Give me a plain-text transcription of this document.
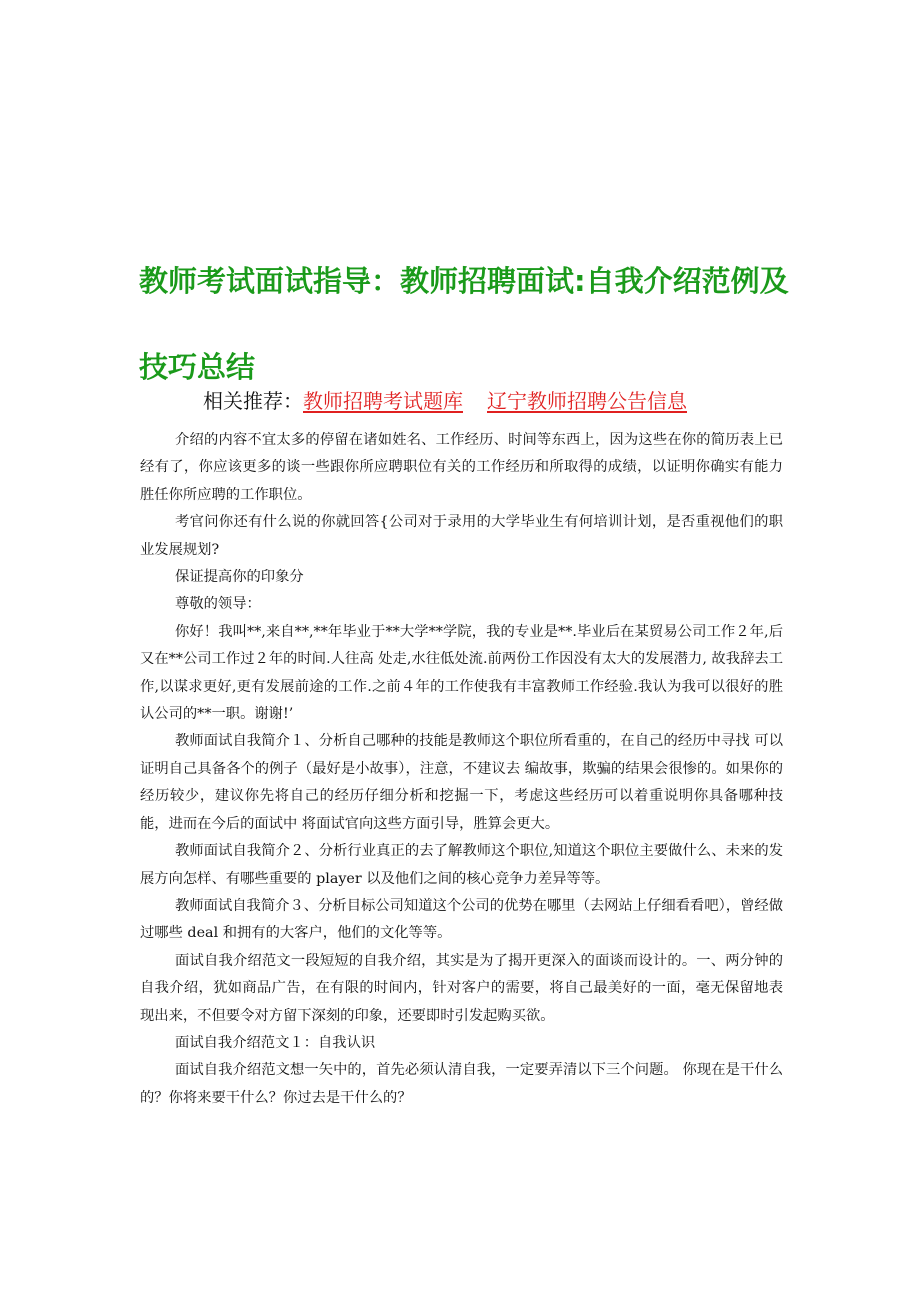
教师考试面试指导：教师招聘面试:自我介绍范例及技巧总结
相关推荐：教师招聘考试题库 辽宁教师招聘公告信息

介绍的内容不宜太多的停留在诸如姓名、工作经历、时间等东西上，因为这些在你的简历表上已经有了，你应该更多的谈一些跟你所应聘职位有关的工作经历和所取得的成绩，以证明你确实有能力胜任你所应聘的工作职位。

考官问你还有什么说的你就回答{公司对于录用的大学毕业生有何培训计划，是否重视他们的职业发展规划?

保证提高你的印象分

尊敬的领导：

你好！我叫**,来自**,**年毕业于**大学**学院，我的专业是**.毕业后在某贸易公司工作２年,后又在**公司工作过２年的时间.人往高 处走,水往低处流.前两份工作因没有太大的发展潜力, 故我辞去工作,以谋求更好,更有发展前途的工作.之前４年的工作使我有丰富教师工作经验.我认为我可以很好的胜认公司的**一职。谢谢!’

教师面试自我简介１、分析自己哪种的技能是教师这个职位所看重的，在自己的经历中寻找 可以证明自己具备各个的例子（最好是小故事），注意，不建议去 编故事，欺骗的结果会很惨的。如果你的经历较少，建议你先将自己的经历仔细分析和挖掘一下，考虑这些经历可以着重说明你具备哪种技能，进而在今后的面试中 将面试官向这些方面引导，胜算会更大。

教师面试自我简介２、分析行业真正的去了解教师这个职位,知道这个职位主要做什么、未来的发展方向怎样、有哪些重要的 player 以及他们之间的核心竞争力差异等等。

教师面试自我简介３、分析目标公司知道这个公司的优势在哪里（去网站上仔细看看吧），曾经做过哪些 deal 和拥有的大客户，他们的文化等等。

面试自我介绍范文一段短短的自我介绍，其实是为了揭开更深入的面谈而设计的。一、两分钟的自我介绍，犹如商品广告，在有限的时间内，针对客户的需要，将自己最美好的一面，毫无保留地表现出来，不但要令对方留下深刻的印象，还要即时引发起购买欲。

面试自我介绍范文１：自我认识

面试自我介绍范文想一矢中的，首先必须认清自我，一定要弄清以下三个问题。 你现在是干什么的？你将来要干什么？你过去是干什么的？
